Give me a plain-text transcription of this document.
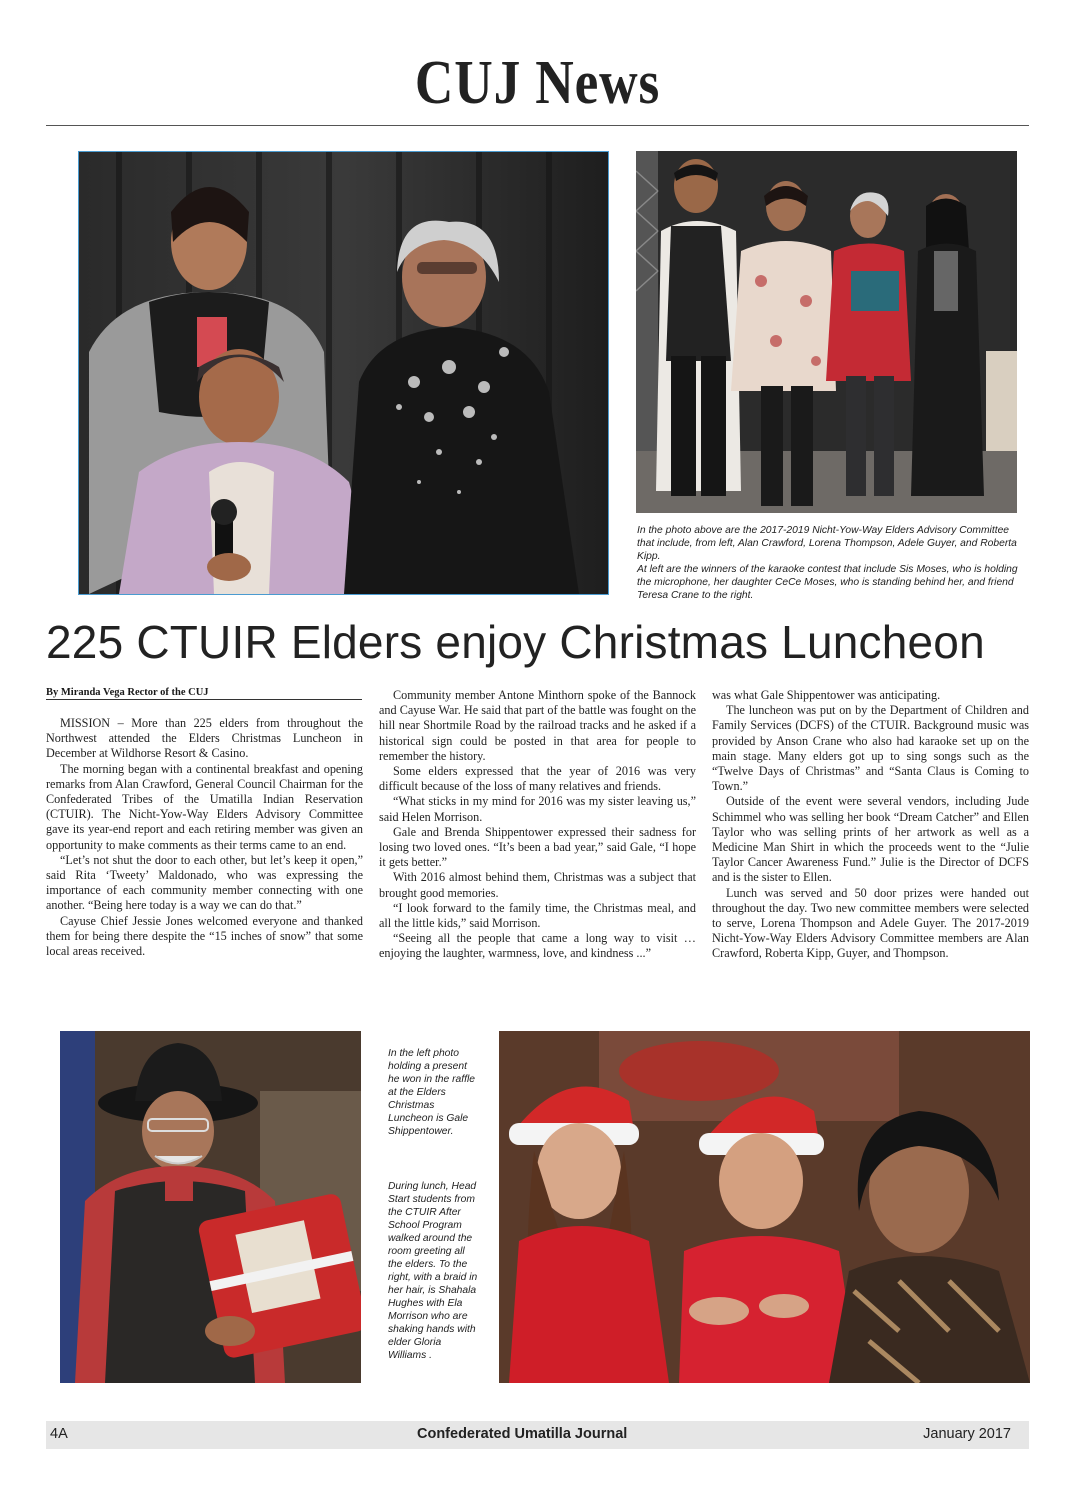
CUJ News
In the photo above are the 2017-2019 Nicht-Yow-Way Elders Advisory Committee that include, from left, Alan Crawford, Lorena Thompson, Adele Guyer, and Roberta Kipp.
At left are the winners of the karaoke contest that include Sis Moses, who is holding the microphone, her daughter CeCe Moses, who is standing behind her, and friend Teresa Crane to the right.
225 CTUIR Elders enjoy Christmas Luncheon
By Miranda Vega Rector of the CUJ

MISSION – More than 225 elders from throughout the Northwest attended the Elders Christmas Luncheon in December at Wildhorse Resort & Casino.

The morning began with a continental breakfast and opening remarks from Alan Crawford, General Council Chairman for the Confederated Tribes of the Umatilla Indian Reservation (CTUIR). The Nicht-Yow-Way Elders Advisory Committee gave its year-end report and each retiring member was given an opportunity to make comments as their terms came to an end.

“Let’s not shut the door to each other, but let’s keep it open,” said Rita ‘Tweety’ Maldonado, who was expressing the importance of each community member connecting with one another. “Being here today is a way we can do that.”

Cayuse Chief Jessie Jones welcomed everyone and thanked them for being there despite the “15 inches of snow” that some local areas received.

Community member Antone Minthorn spoke of the Bannock and Cayuse War. He said that part of the battle was fought on the hill near Shortmile Road by the railroad tracks and he asked if a historical sign could be posted in that area for people to remember the history.

Some elders expressed that the year of 2016 was very difficult because of the loss of many relatives and friends.

“What sticks in my mind for 2016 was my sister leaving us,” said Helen Morrison.

Gale and Brenda Shippentower expressed their sadness for losing two loved ones. “It’s been a bad year,” said Gale, “I hope it gets better.”

With 2016 almost behind them, Christmas was a subject that brought good memories.

“I look forward to the family time, the Christmas meal, and all the little kids,” said Morrison.

“Seeing all the people that came a long way to visit … enjoying the laughter, warmness, love, and kindness ...”

was what Gale Shippentower was anticipating.

The luncheon was put on by the Department of Children and Family Services (DCFS) of the CTUIR. Background music was provided by Anson Crane who also had karaoke set up on the main stage. Many elders got up to sing songs such as the “Twelve Days of Christmas” and “Santa Claus is Coming to Town.”

Outside of the event were several vendors, including Jude Schimmel who was selling her book “Dream Catcher” and Ellen Taylor who was selling prints of her artwork as well as a Medicine Man Shirt in which the proceeds went to the “Julie Taylor Cancer Awareness Fund.” Julie is the Director of DCFS and is the sister to Ellen.

Lunch was served and 50 door prizes were handed out throughout the day. Two new committee members were selected to serve, Lorena Thompson and Adele Guyer. The 2017-2019 Nicht-Yow-Way Elders Advisory Committee members are Alan Crawford, Roberta Kipp, Guyer, and Thompson.

In the left photo holding a present he won in the raffle at the Elders Christmas Luncheon is Gale Shippentower.
During lunch, Head Start students from the CTUIR After School Program walked around the room greeting all the elders. To the right, with a braid in her hair, is Shahala Hughes with Ela Morrison who are shaking hands with elder Gloria Williams .
4A	Confederated Umatilla Journal	January 2017
